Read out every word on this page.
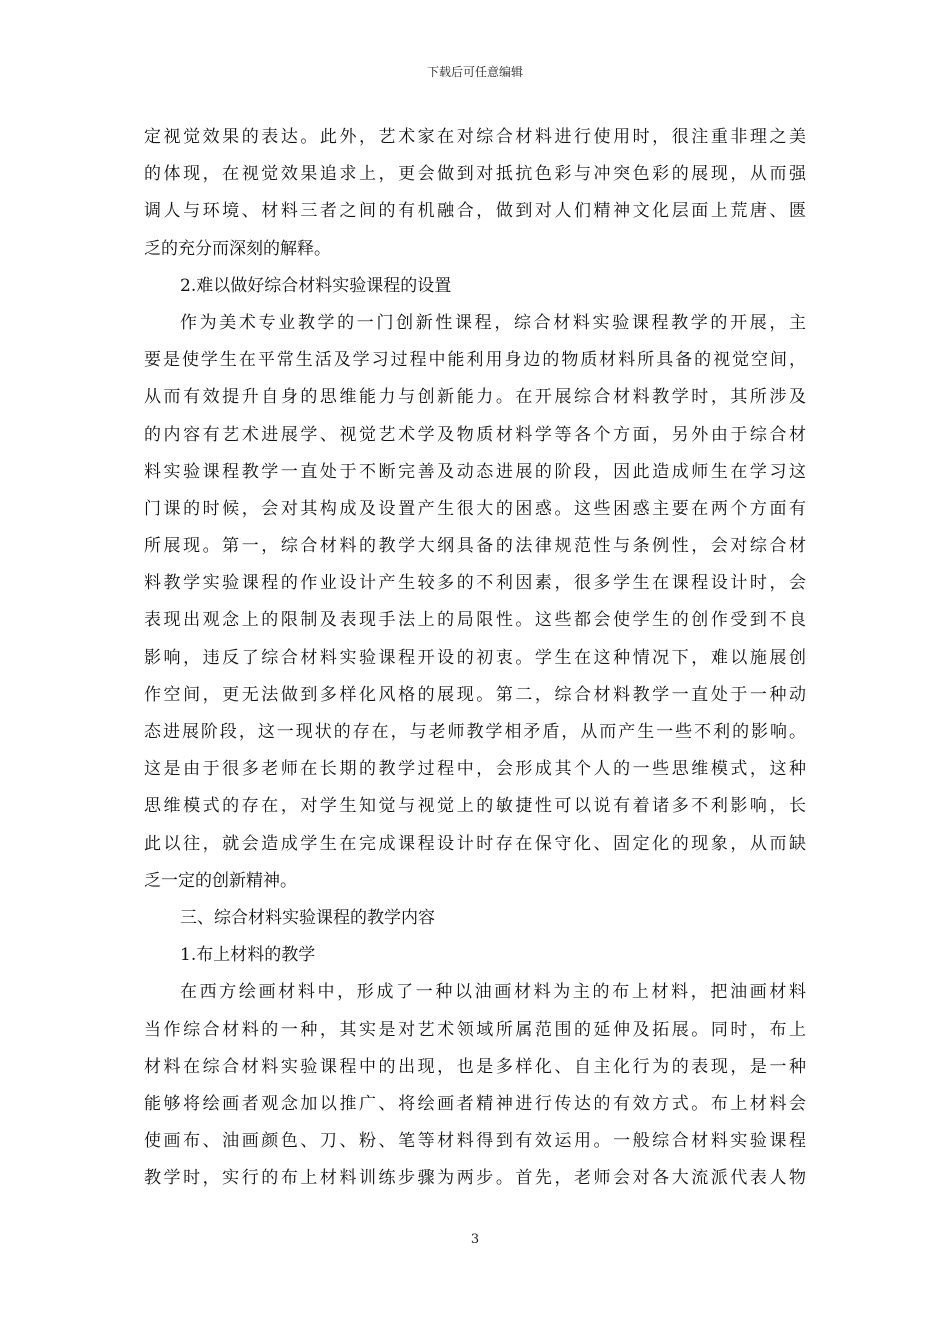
下载后可任意编辑
定视觉效果的表达。此外，艺术家在对综合材料进行使用时，很注重非理之美
的体现，在视觉效果追求上，更会做到对抵抗色彩与冲突色彩的展现，从而强
调人与环境、材料三者之间的有机融合，做到对人们精神文化层面上荒唐、匮
乏的充分而深刻的解释。
2.难以做好综合材料实验课程的设置
作为美术专业教学的一门创新性课程，综合材料实验课程教学的开展，主
要是使学生在平常生活及学习过程中能利用身边的物质材料所具备的视觉空间，
从而有效提升自身的思维能力与创新能力。在开展综合材料教学时，其所涉及
的内容有艺术进展学、视觉艺术学及物质材料学等各个方面，另外由于综合材
料实验课程教学一直处于不断完善及动态进展的阶段，因此造成师生在学习这
门课的时候，会对其构成及设置产生很大的困惑。这些困惑主要在两个方面有
所展现。第一，综合材料的教学大纲具备的法律规范性与条例性，会对综合材
料教学实验课程的作业设计产生较多的不利因素，很多学生在课程设计时，会
表现出观念上的限制及表现手法上的局限性。这些都会使学生的创作受到不良
影响，违反了综合材料实验课程开设的初衷。学生在这种情况下，难以施展创
作空间，更无法做到多样化风格的展现。第二，综合材料教学一直处于一种动
态进展阶段，这一现状的存在，与老师教学相矛盾，从而产生一些不利的影响。
这是由于很多老师在长期的教学过程中，会形成其个人的一些思维模式，这种
思维模式的存在，对学生知觉与视觉上的敏捷性可以说有着诸多不利影响，长
此以往，就会造成学生在完成课程设计时存在保守化、固定化的现象，从而缺
乏一定的创新精神。
三、综合材料实验课程的教学内容
1.布上材料的教学
在西方绘画材料中，形成了一种以油画材料为主的布上材料，把油画材料
当作综合材料的一种，其实是对艺术领域所属范围的延伸及拓展。同时，布上
材料在综合材料实验课程中的出现，也是多样化、自主化行为的表现，是一种
能够将绘画者观念加以推广、将绘画者精神进行传达的有效方式。布上材料会
使画布、油画颜色、刀、粉、笔等材料得到有效运用。一般综合材料实验课程
教学时，实行的布上材料训练步骤为两步。首先，老师会对各大流派代表人物
3
